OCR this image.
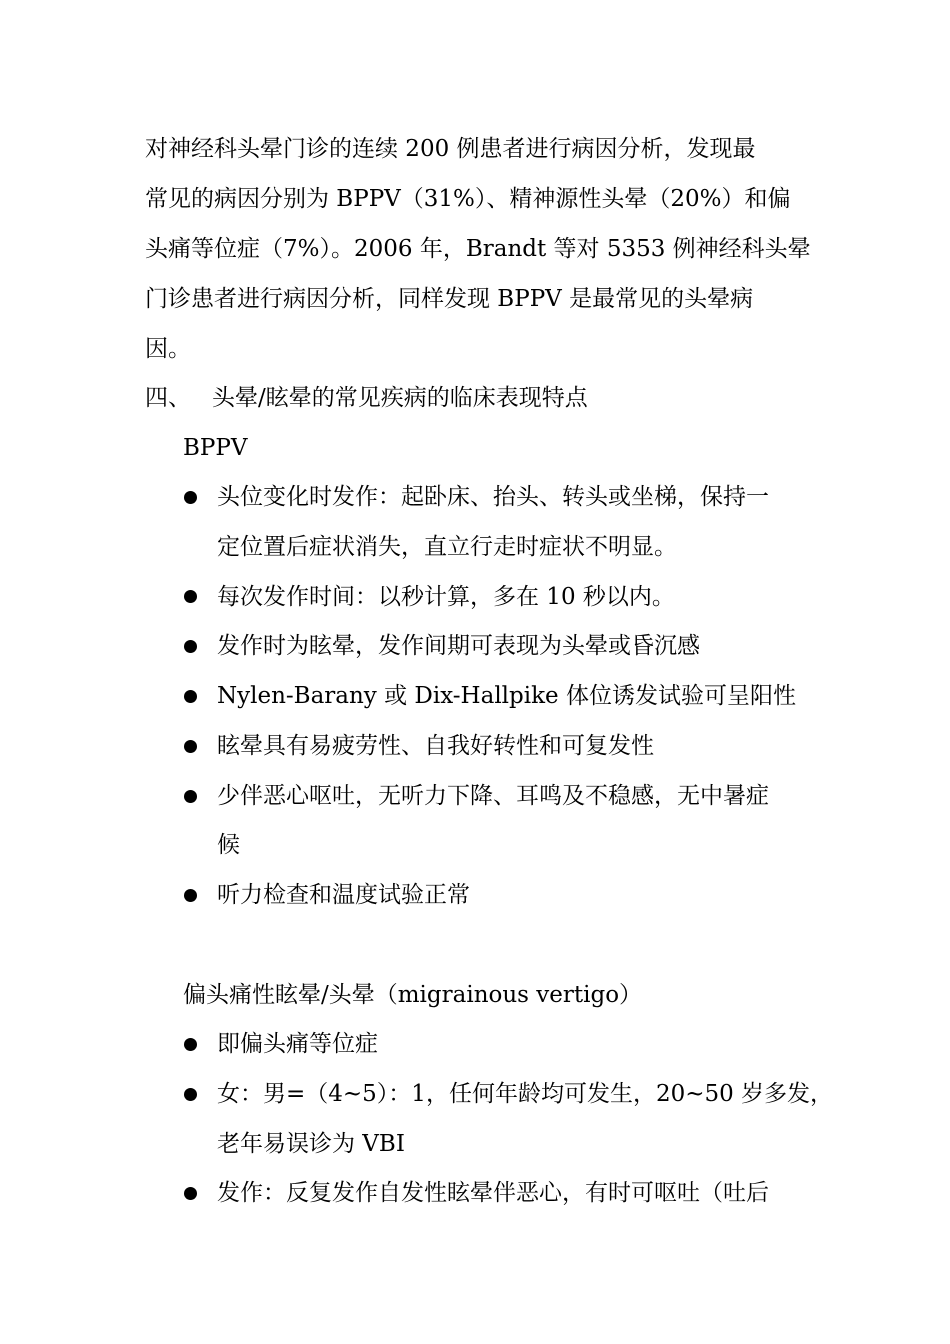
对神经科头晕门诊的连续 200 例患者进行病因分析，发现最
常见的病因分别为 BPPV（31%）、精神源性头晕（20%）和偏
头痛等位症（7%）。2006 年，Brandt 等对 5353 例神经科头晕
门诊患者进行病因分析，同样发现 BPPV 是最常见的头晕病
因。
四、 头晕/眩晕的常见疾病的临床表现特点
BPPV
头位变化时发作：起卧床、抬头、转头或坐梯，保持一
定位置后症状消失，直立行走时症状不明显。
每次发作时间：以秒计算，多在 10 秒以内。
发作时为眩晕，发作间期可表现为头晕或昏沉感
Nylen-Barany 或 Dix-Hallpike 体位诱发试验可呈阳性
眩晕具有易疲劳性、自我好转性和可复发性
少伴恶心呕吐，无听力下降、耳鸣及不稳感，无中暑症
候
听力检查和温度试验正常
偏头痛性眩晕/头晕（migrainous vertigo）
即偏头痛等位症
女：男=（4~5）：1，任何年龄均可发生，20~50 岁多发，
老年易误诊为 VBI
发作：反复发作自发性眩晕伴恶心，有时可呕吐（吐后
